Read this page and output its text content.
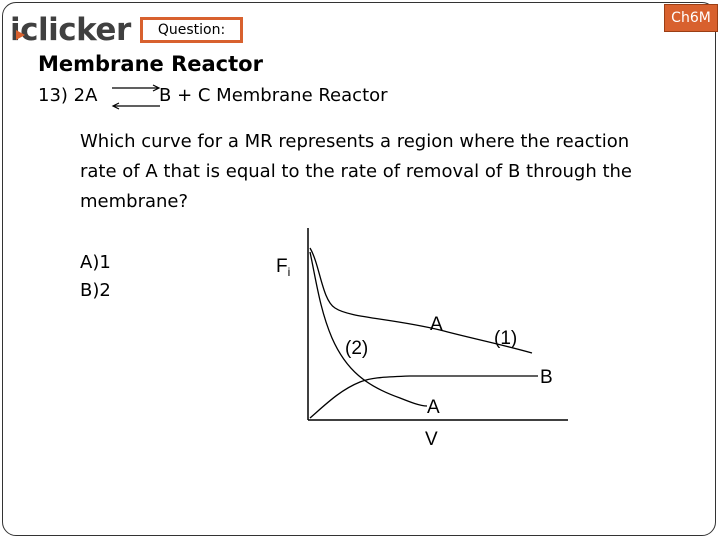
i
clicker	Question:
Ch6M
Membrane Reactor
13) 2A ⇌
B + C Membrane Reactor

Which curve for a MR represents a region where the reaction rate of A that is equal to the rate of removal of B through the membrane?

A)1
B)2
$F_i$
V
A
(1)
(2)
A
B
